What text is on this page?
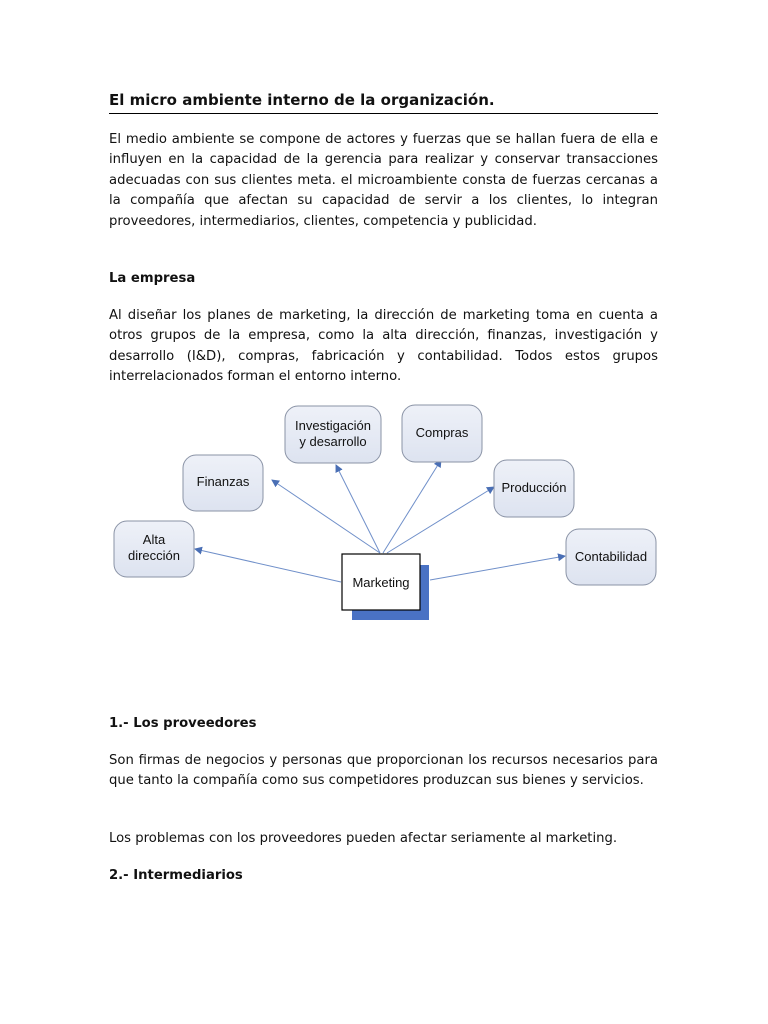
El micro ambiente interno de la organización.

El medio ambiente se compone de actores y fuerzas que se hallan fuera de ella e influyen en la capacidad de la gerencia para realizar y conservar transacciones adecuadas con sus clientes meta. el microambiente consta de fuerzas cercanas a la compañía que afectan su capacidad de servir a los clientes, lo integran proveedores, intermediarios, clientes, competencia y publicidad.

La empresa

Al diseñar los planes de marketing, la dirección de marketing toma en cuenta a otros grupos de la empresa, como la alta dirección, finanzas, investigación y desarrollo (I&D), compras, fabricación y contabilidad. Todos estos grupos interrelacionados forman el entorno interno.

Alta
dirección
Finanzas
Investigación
y desarrollo
Compras
Producción
Contabilidad
Marketing

1.- Los proveedores

Son firmas de negocios y personas que proporcionan los recursos necesarios para que tanto la compañía como sus competidores produzcan sus bienes y servicios.

Los problemas con los proveedores pueden afectar seriamente al marketing.

2.- Intermediarios
